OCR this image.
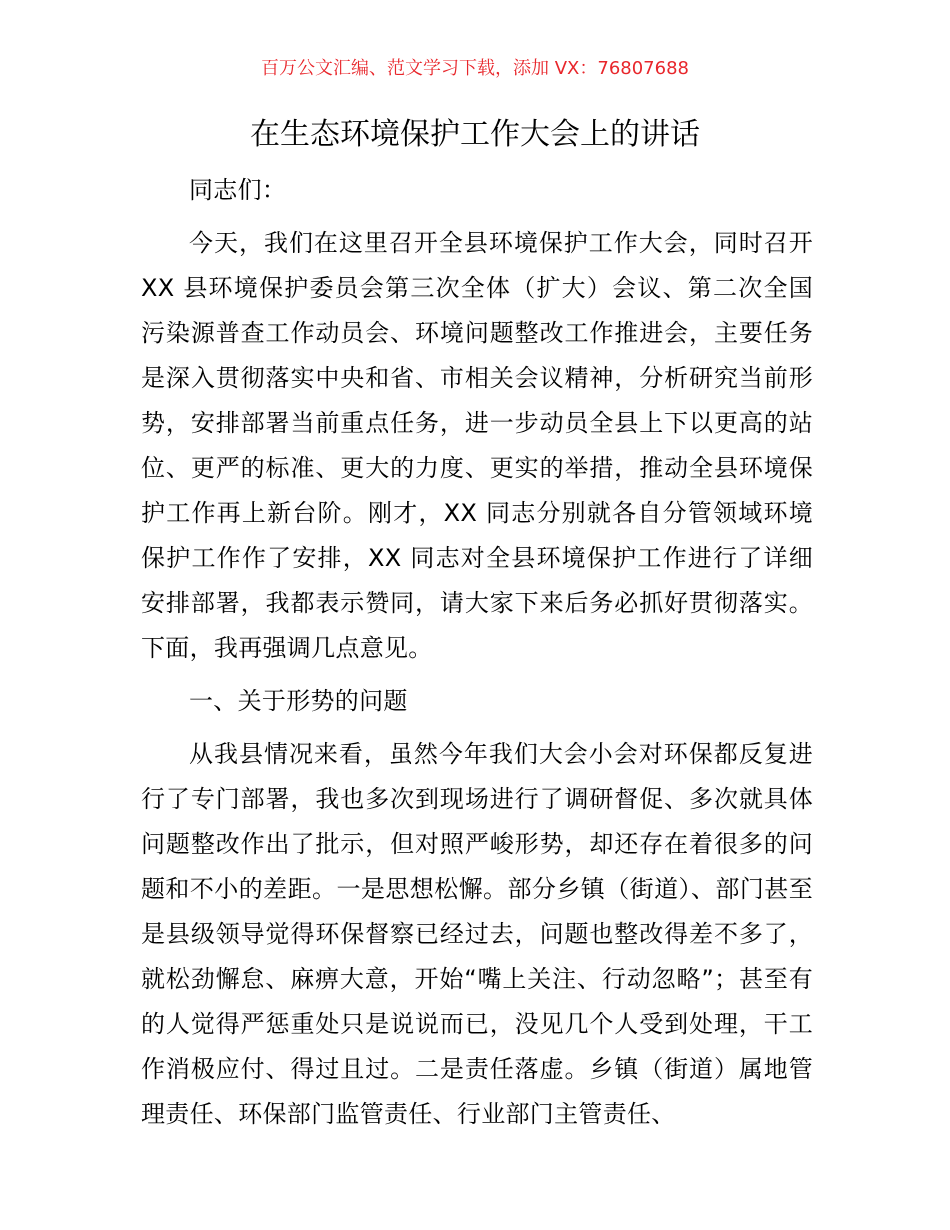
百万公文汇编、范文学习下载，添加 VX：76807688
在生态环境保护工作大会上的讲话

同志们：

今天，我们在这里召开全县环境保护工作大会，同时召开 XX 县环境保护委员会第三次全体（扩大）会议、第二次全国污染源普查工作动员会、环境问题整改工作推进会，主要任务是深入贯彻落实中央和省、市相关会议精神，分析研究当前形势，安排部署当前重点任务，进一步动员全县上下以更高的站位、更严的标准、更大的力度、更实的举措，推动全县环境保护工作再上新台阶。刚才，XX 同志分别就各自分管领域环境保护工作作了安排，XX 同志对全县环境保护工作进行了详细安排部署，我都表示赞同，请大家下来后务必抓好贯彻落实。下面，我再强调几点意见。

一、关于形势的问题

从我县情况来看，虽然今年我们大会小会对环保都反复进行了专门部署，我也多次到现场进行了调研督促、多次就具体问题整改作出了批示，但对照严峻形势，却还存在着很多的问题和不小的差距。一是思想松懈。部分乡镇（街道）、部门甚至是县级领导觉得环保督察已经过去，问题也整改得差不多了，就松劲懈怠、麻痹大意，开始“嘴上关注、行动忽略”；甚至有的人觉得严惩重处只是说说而已，没见几个人受到处理，干工作消极应付、得过且过。二是责任落虚。乡镇（街道）属地管理责任、环保部门监管责任、行业部门主管责任、
